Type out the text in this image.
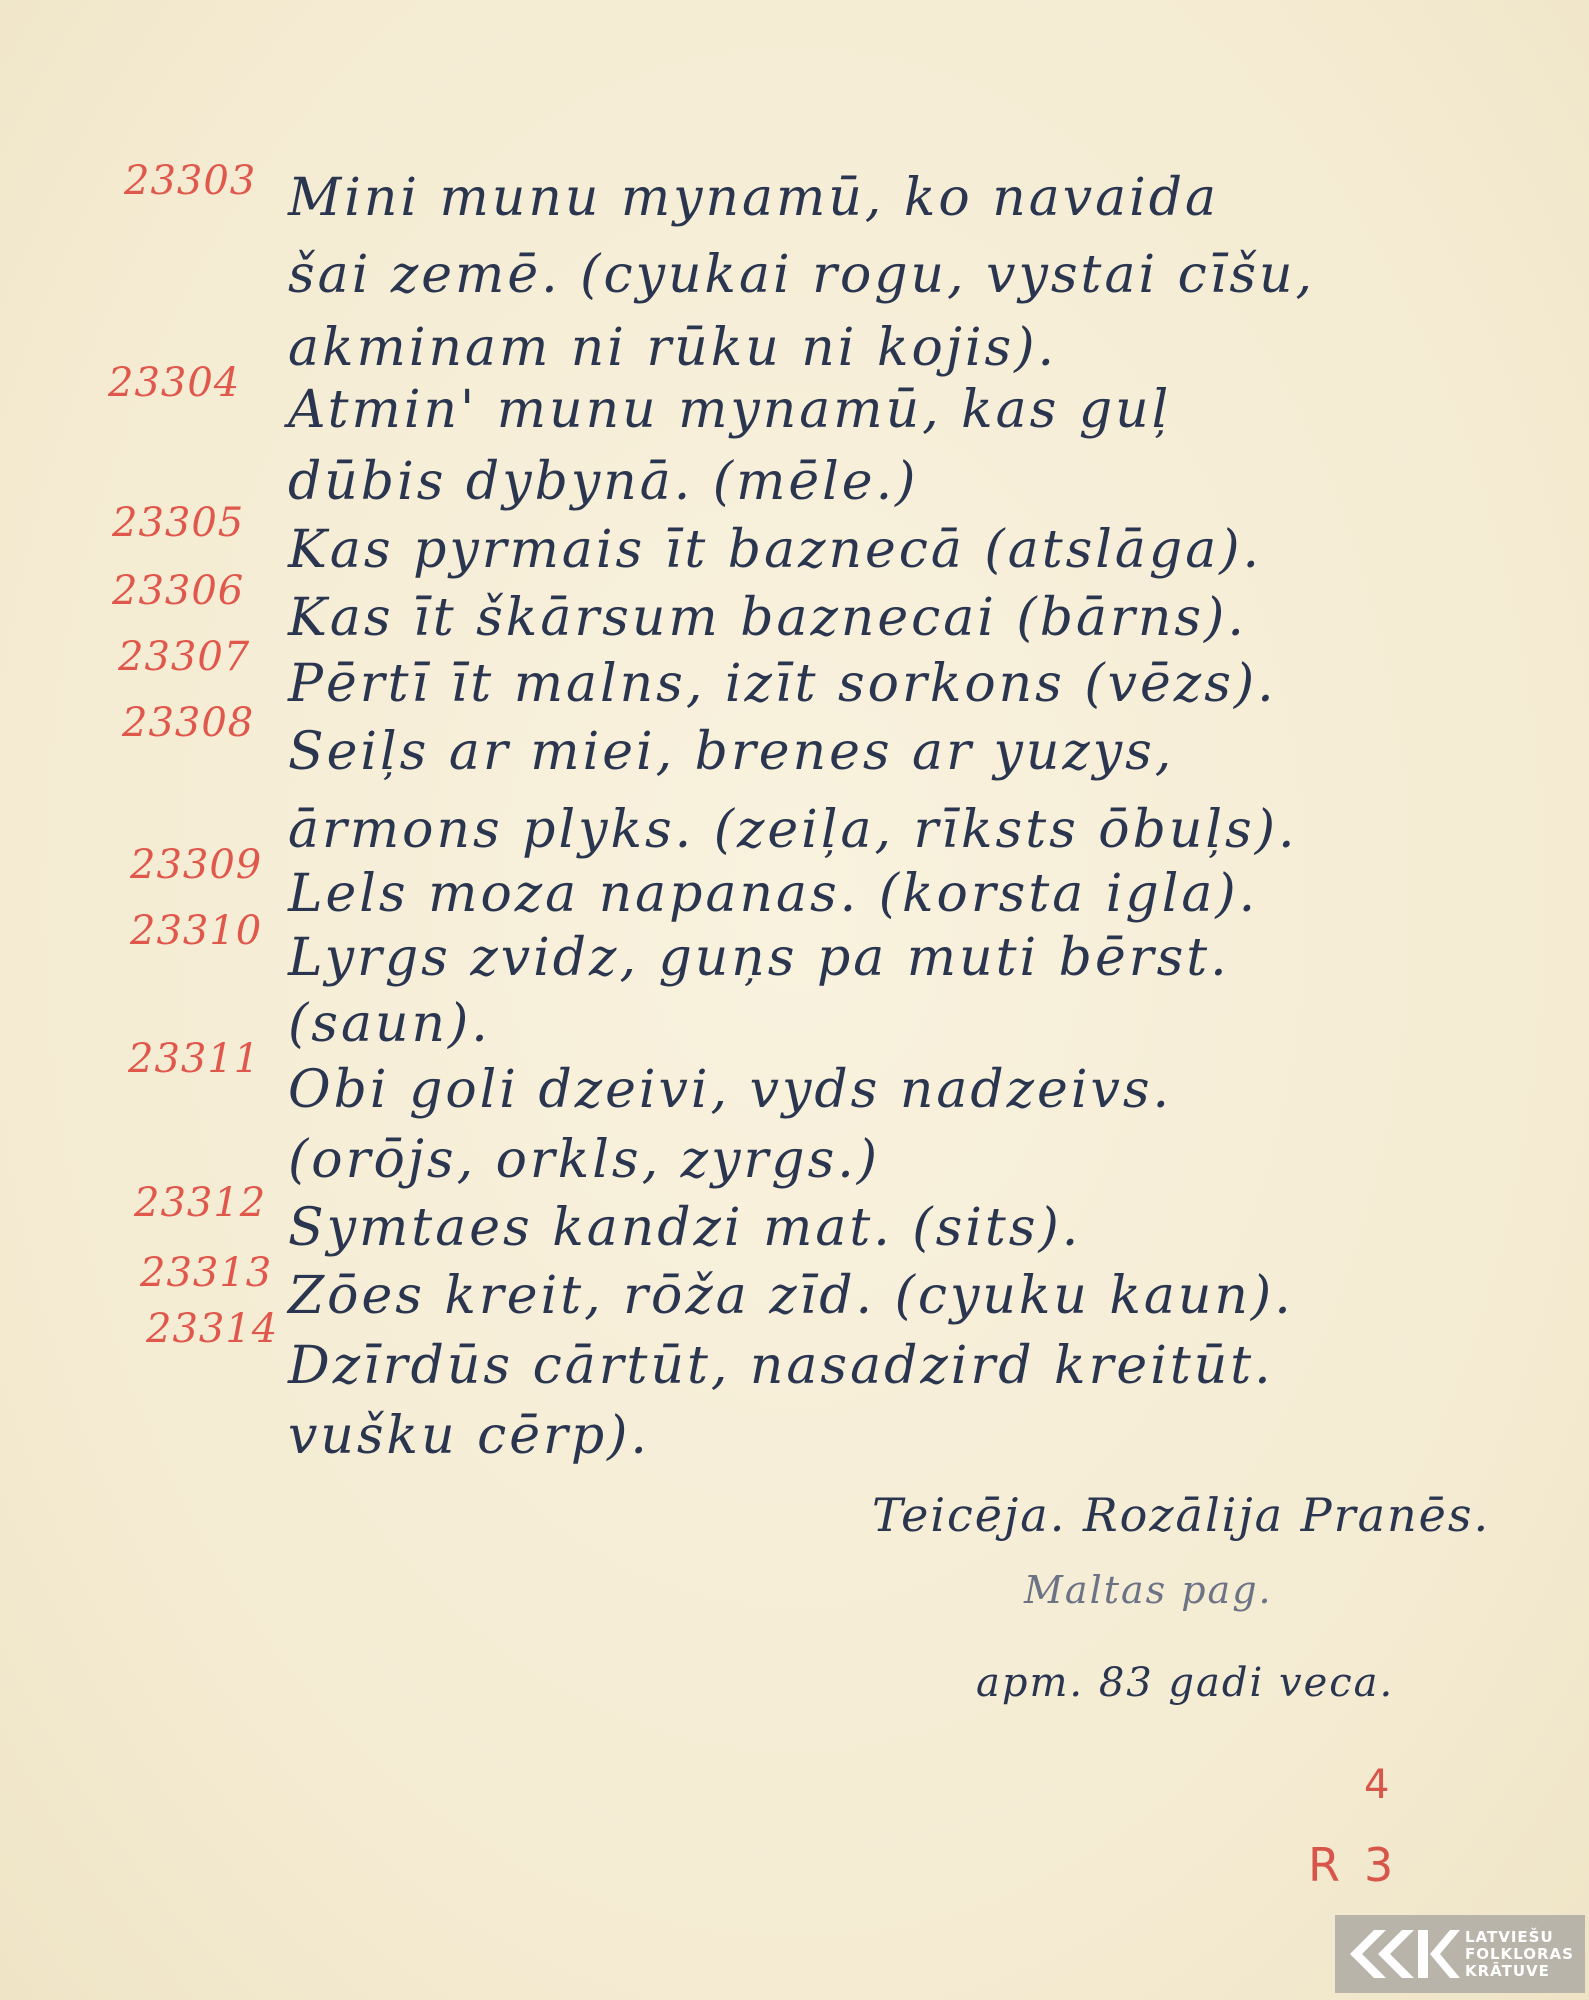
23303 Mini munu mynamū, ko navaida
šai zemē. (cyukai rogu, vystai cīšu,
akminam ni rūku ni kojis).
23304 Atmin' munu mynamū, kas guļ
dūbis dybynā. (mēle.)
23305 Kas pyrmais īt baznecā (atslāga).
23306 Kas īt škārsum baznecai (bārns).
23307 Pērtī īt malns, izīt sorkons (vēzs).
23308 Seiļs ar miei, brenes ar yuzys,
ārmons plyks. (zeiļa, rīksts ōbuļs).
23309 Lels moza napanas. (korsta igla).
23310 Lyrgs zvidz, guņs pa muti bērst.
(saun).
23311
Obi goli dzeivi, vyds nadzeivs.
(orōjs, orkls, zyrgs.)
23312 Symtaes kandzi mat. (sits).
23313 Zōes kreit, rōža zīd. (cyuku kaun).
23314
Dzīrdūs cārtūt, nasadzird kreitūt.
vušku cērp).
Teicēja. Rozālija Pranēs.
Maltas pag.
apm. 83 gadi veca.
4
R 3
LATVIEŠU
FOLKLORAS
KRĀTUVE
